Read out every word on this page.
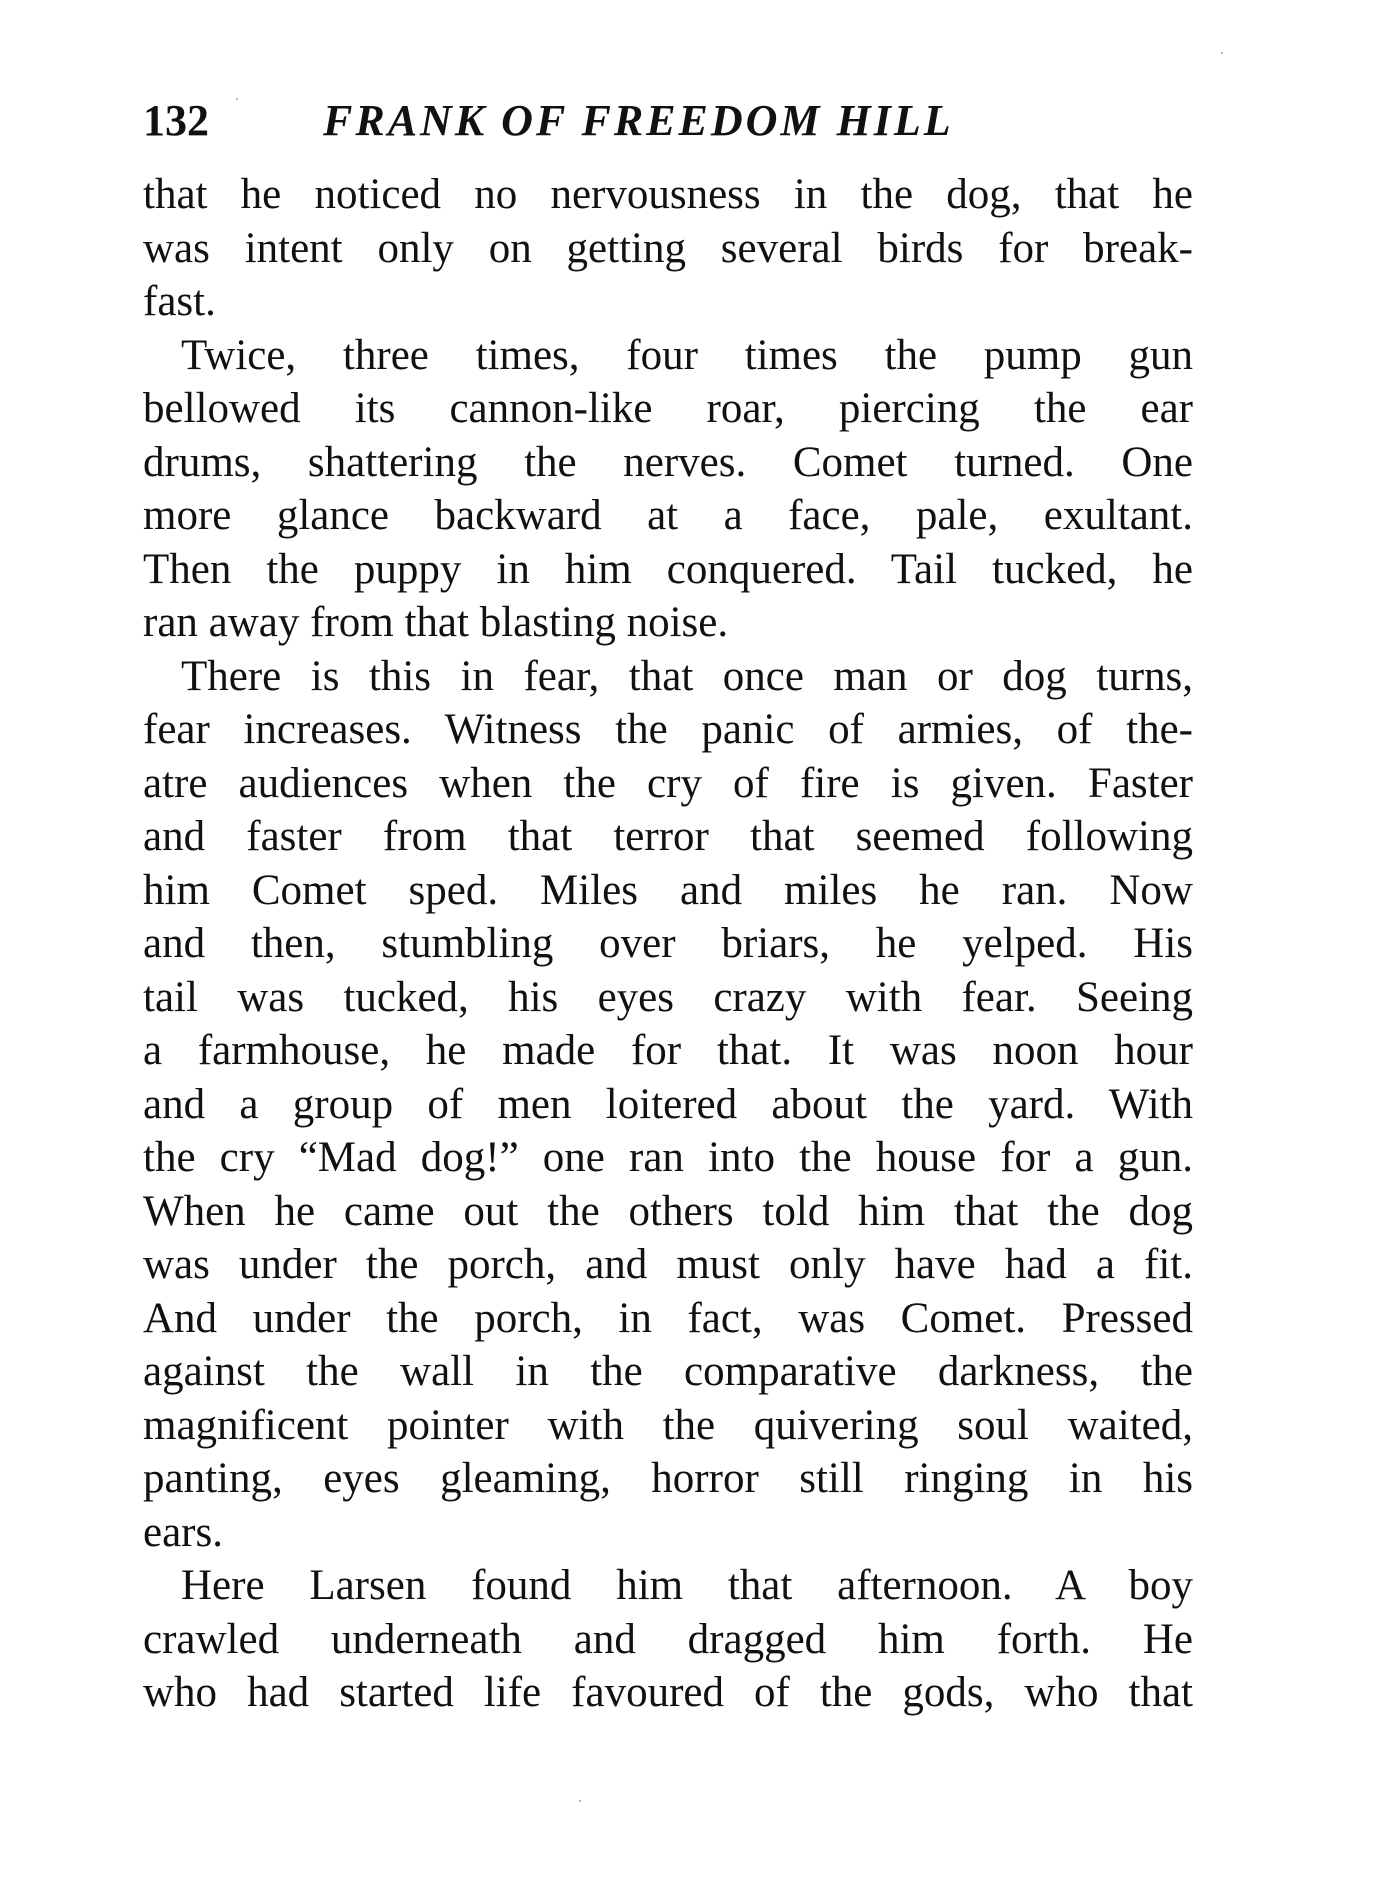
132	FRANK OF FREEDOM HILL
that he noticed no nervousness in the dog, that he
was intent only on getting several birds for break-
fast.
Twice, three times, four times the pump gun
bellowed its cannon-like roar, piercing the ear
drums, shattering the nerves. Comet turned. One
more glance backward at a face, pale, exultant.
Then the puppy in him conquered. Tail tucked, he
ran away from that blasting noise.
There is this in fear, that once man or dog turns,
fear increases. Witness the panic of armies, of the-
atre audiences when the cry of fire is given. Faster
and faster from that terror that seemed following
him Comet sped. Miles and miles he ran. Now
and then, stumbling over briars, he yelped. His
tail was tucked, his eyes crazy with fear. Seeing
a farmhouse, he made for that. It was noon hour
and a group of men loitered about the yard. With
the cry “Mad dog!” one ran into the house for a gun.
When he came out the others told him that the dog
was under the porch, and must only have had a fit.
And under the porch, in fact, was Comet. Pressed
against the wall in the comparative darkness, the
magnificent pointer with the quivering soul waited,
panting, eyes gleaming, horror still ringing in his
ears.
Here Larsen found him that afternoon. A boy
crawled underneath and dragged him forth. He
who had started life favoured of the gods, who that
